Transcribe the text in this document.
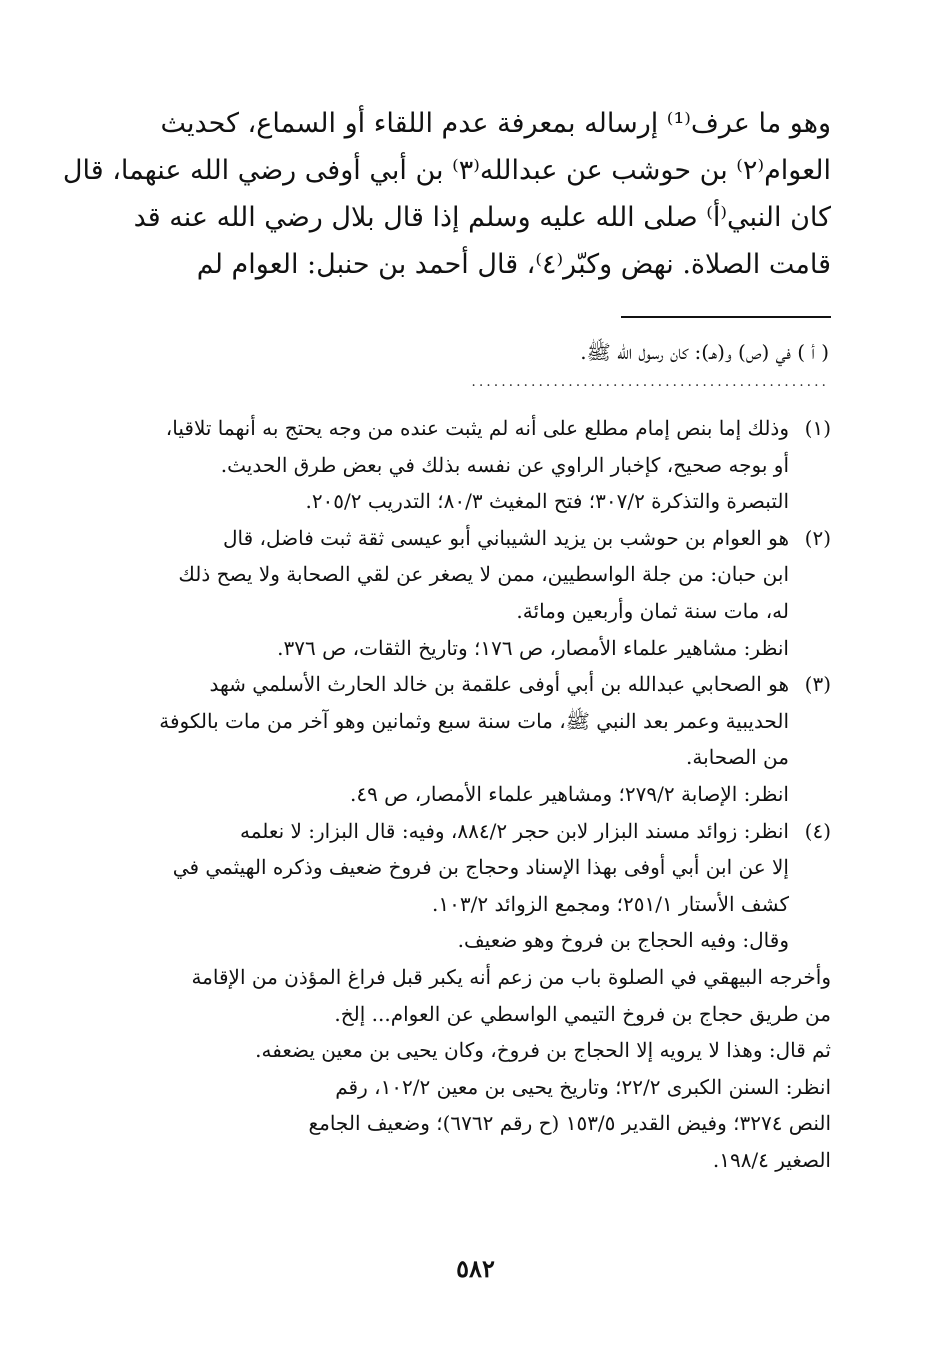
وهو ما عرف⁽¹⁾ إرساله بمعرفة عدم اللقاء أو السماع، كحديث
العوام⁽٢⁾ بن حوشب عن عبدالله⁽٣⁾ بن أبي أوفى رضي الله عنهما، قال
كان النبي⁽أ⁾ صلى الله عليه وسلم إذا قال بلال رضي الله عنه قد
قامت الصلاة. نهض وكبّر⁽٤⁾، قال أحمد بن حنبل: العوام لم
( أ ) في (ص) و(هـ): كان رسول الله ﷺ.
................................................
(١)
وذلك إما بنص إمام مطلع على أنه لم يثبت عنده من وجه يحتج به أنهما تلاقيا،
أو بوجه صحيح، كإخبار الراوي عن نفسه بذلك في بعض طرق الحديث.
التبصرة والتذكرة ٣٠٧/٢؛ فتح المغيث ٨٠/٣؛ التدريب ٢٠٥/٢.
(٢)
هو العوام بن حوشب بن يزيد الشيباني أبو عيسى ثقة ثبت فاضل، قال
ابن حبان: من جلة الواسطيين، ممن لا يصغر عن لقي الصحابة ولا يصح ذلك
له، مات سنة ثمان وأربعين ومائة.
انظر: مشاهير علماء الأمصار، ص ١٧٦؛ وتاريخ الثقات، ص ٣٧٦.
(٣)
هو الصحابي عبدالله بن أبي أوفى علقمة بن خالد الحارث الأسلمي شهد
الحديبية وعمر بعد النبي ﷺ، مات سنة سبع وثمانين وهو آخر من مات بالكوفة
من الصحابة.
انظر: الإصابة ٢٧٩/٢؛ ومشاهير علماء الأمصار، ص ٤٩.
(٤)
انظر: زوائد مسند البزار لابن حجر ٨٨٤/٢، وفيه: قال البزار: لا نعلمه
إلا عن ابن أبي أوفى بهذا الإسناد وحجاج بن فروخ ضعيف وذكره الهيثمي في
كشف الأستار ٢٥١/١؛ ومجمع الزوائد ١٠٣/٢.
وقال: وفيه الحجاج بن فروخ وهو ضعيف.
وأخرجه البيهقي في الصلوة باب من زعم أنه يكبر قبل فراغ المؤذن من الإقامة
من طريق حجاج بن فروخ التيمي الواسطي عن العوام... إلخ.
ثم قال: وهذا لا يرويه إلا الحجاج بن فروخ، وكان يحيى بن معين يضعفه.
انظر: السنن الكبرى ٢٢/٢؛ وتاريخ يحيى بن معين ١٠٢/٢، رقم
النص ٣٢٧٤؛ وفيض القدير ١٥٣/٥ (ح رقم ٦٧٦٢)؛ وضعيف الجامع
الصغير ١٩٨/٤.
٥٨٢
